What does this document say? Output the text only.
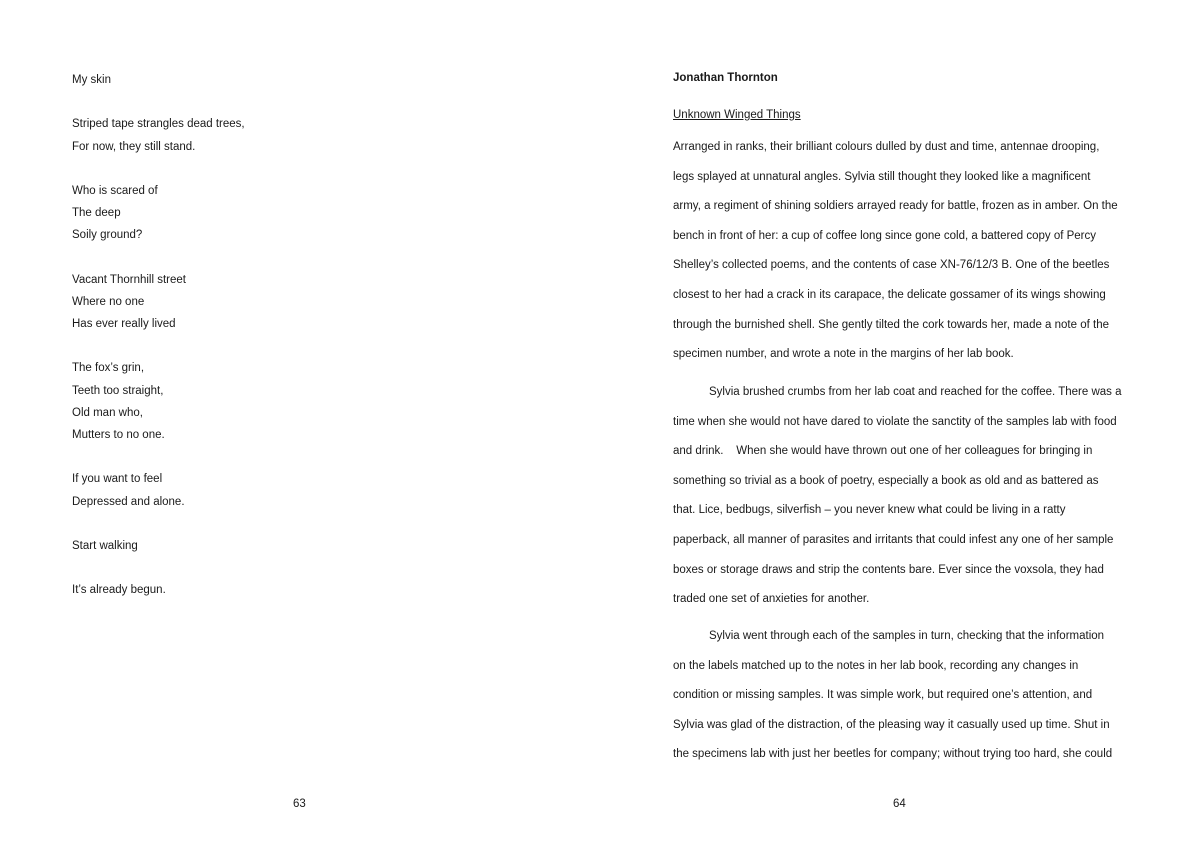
My skin
Striped tape strangles dead trees,
For now, they still stand.
Who is scared of
The deep
Soily ground?
Vacant Thornhill street
Where no one
Has ever really lived
The fox’s grin,
Teeth too straight,
Old man who,
Mutters to no one.
If you want to feel
Depressed and alone.
Start walking
It’s already begun.
63
Jonathan Thornton
Unknown Winged Things
Arranged in ranks, their brilliant colours dulled by dust and time, antennae drooping,
legs splayed at unnatural angles. Sylvia still thought they looked like a magnificent
army, a regiment of shining soldiers arrayed ready for battle, frozen as in amber. On the
bench in front of her: a cup of coffee long since gone cold, a battered copy of Percy
Shelley’s collected poems, and the contents of case XN-76/12/3 B. One of the beetles
closest to her had a crack in its carapace, the delicate gossamer of its wings showing
through the burnished shell. She gently tilted the cork towards her, made a note of the
specimen number, and wrote a note in the margins of her lab book.
Sylvia brushed crumbs from her lab coat and reached for the coffee. There was a
time when she would not have dared to violate the sanctity of the samples lab with food
and drink.    When she would have thrown out one of her colleagues for bringing in
something so trivial as a book of poetry, especially a book as old and as battered as
that. Lice, bedbugs, silverfish – you never knew what could be living in a ratty
paperback, all manner of parasites and irritants that could infest any one of her sample
boxes or storage draws and strip the contents bare. Ever since the voxsola, they had
traded one set of anxieties for another.
Sylvia went through each of the samples in turn, checking that the information
on the labels matched up to the notes in her lab book, recording any changes in
condition or missing samples. It was simple work, but required one’s attention, and
Sylvia was glad of the distraction, of the pleasing way it casually used up time. Shut in
the specimens lab with just her beetles for company; without trying too hard, she could
64
